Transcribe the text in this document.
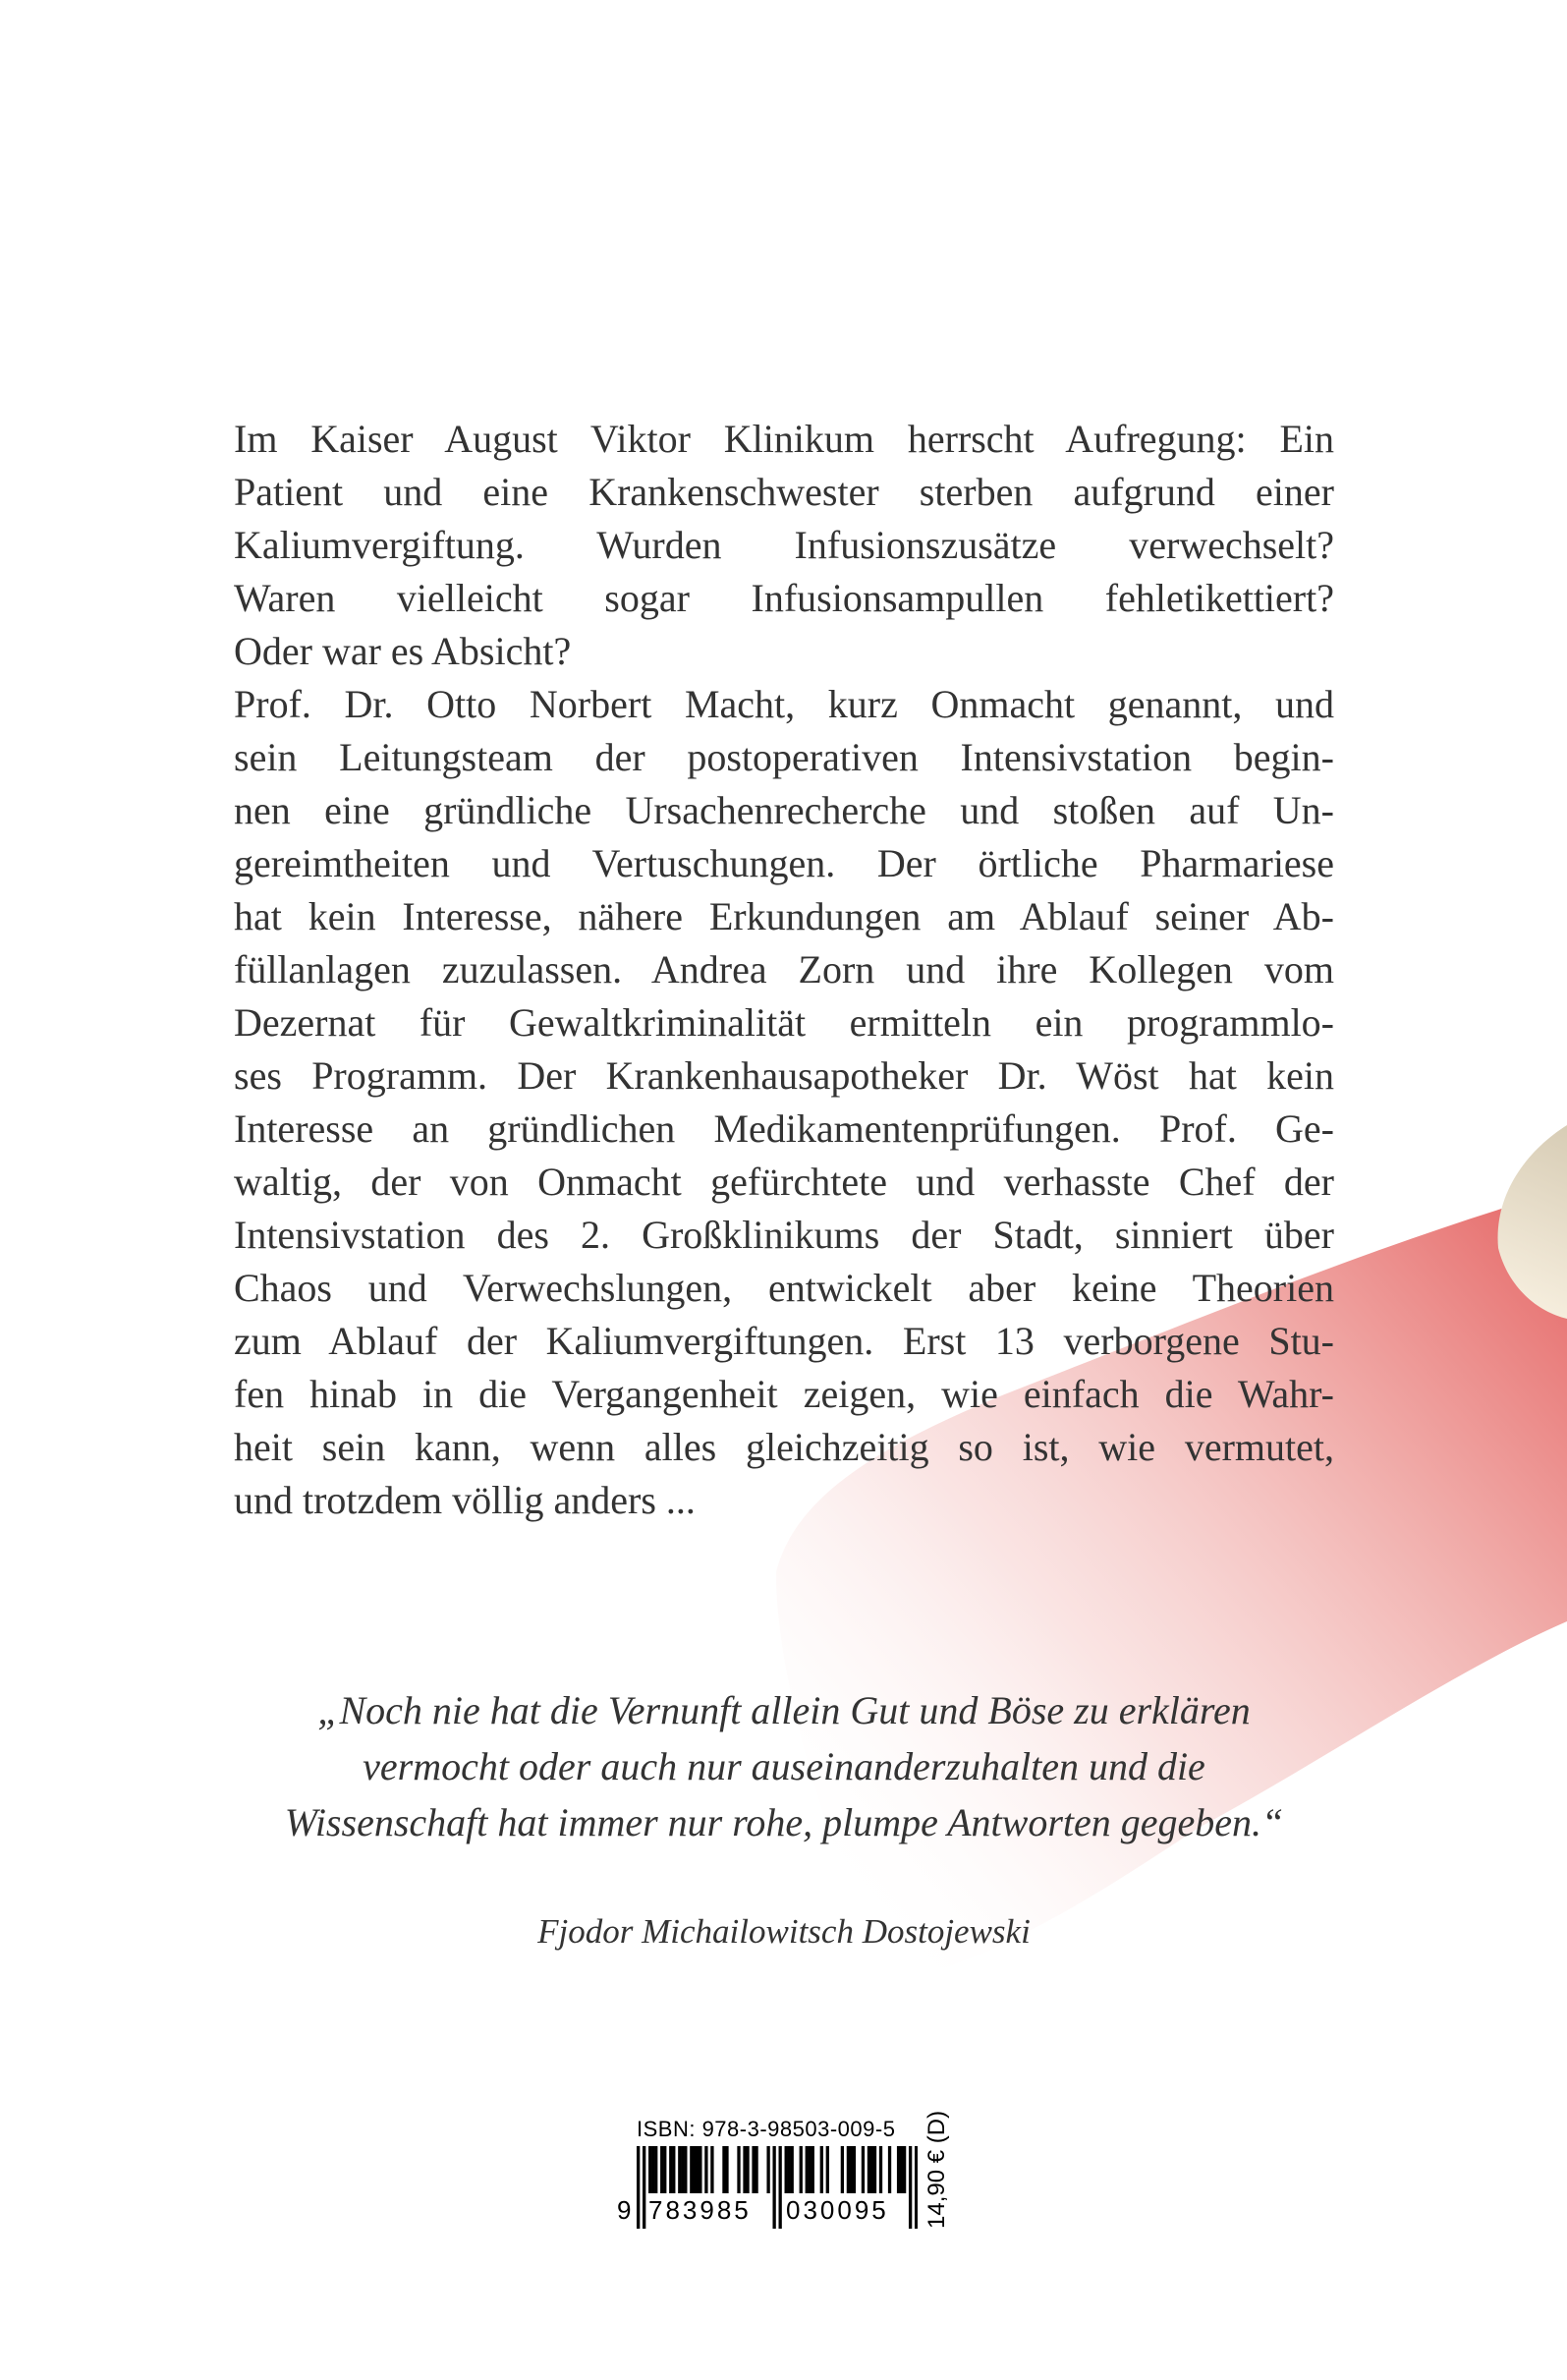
Im Kaiser August Viktor Klinikum herrscht Aufregung: Ein
Patient und eine Krankenschwester sterben aufgrund einer
Kaliumvergiftung. Wurden Infusionszusätze verwechselt?
Waren vielleicht sogar Infusionsampullen fehletikettiert?
Oder war es Absicht?

Prof. Dr. Otto Norbert Macht, kurz Onmacht genannt, und
sein Leitungsteam der postoperativen Intensivstation begin-
nen eine gründliche Ursachenrecherche und stoßen auf Un-
gereimtheiten und Vertuschungen. Der örtliche Pharmariese
hat kein Interesse, nähere Erkundungen am Ablauf seiner Ab-
füllanlagen zuzulassen. Andrea Zorn und ihre Kollegen vom
Dezernat für Gewaltkriminalität ermitteln ein programmlo-
ses Programm. Der Krankenhausapotheker Dr. Wöst hat kein
Interesse an gründlichen Medikamentenprüfungen. Prof. Ge-
waltig, der von Onmacht gefürchtete und verhasste Chef der
Intensivstation des 2. Großklinikums der Stadt, sinniert über
Chaos und Verwechslungen, entwickelt aber keine Theorien
zum Ablauf der Kaliumvergiftungen. Erst 13 verborgene Stu-
fen hinab in die Vergangenheit zeigen, wie einfach die Wahr-
heit sein kann, wenn alles gleichzeitig so ist, wie vermutet,
und trotzdem völlig anders ...

„Noch nie hat die Vernunft allein Gut und Böse zu erklären
vermocht oder auch nur auseinanderzuhalten und die
Wissenschaft hat immer nur rohe, plumpe Antworten gegeben.“
Fjodor Michailowitsch Dostojewski
ISBN: 978-3-98503-009-5
9 783985 030095 14,90 € (D)
